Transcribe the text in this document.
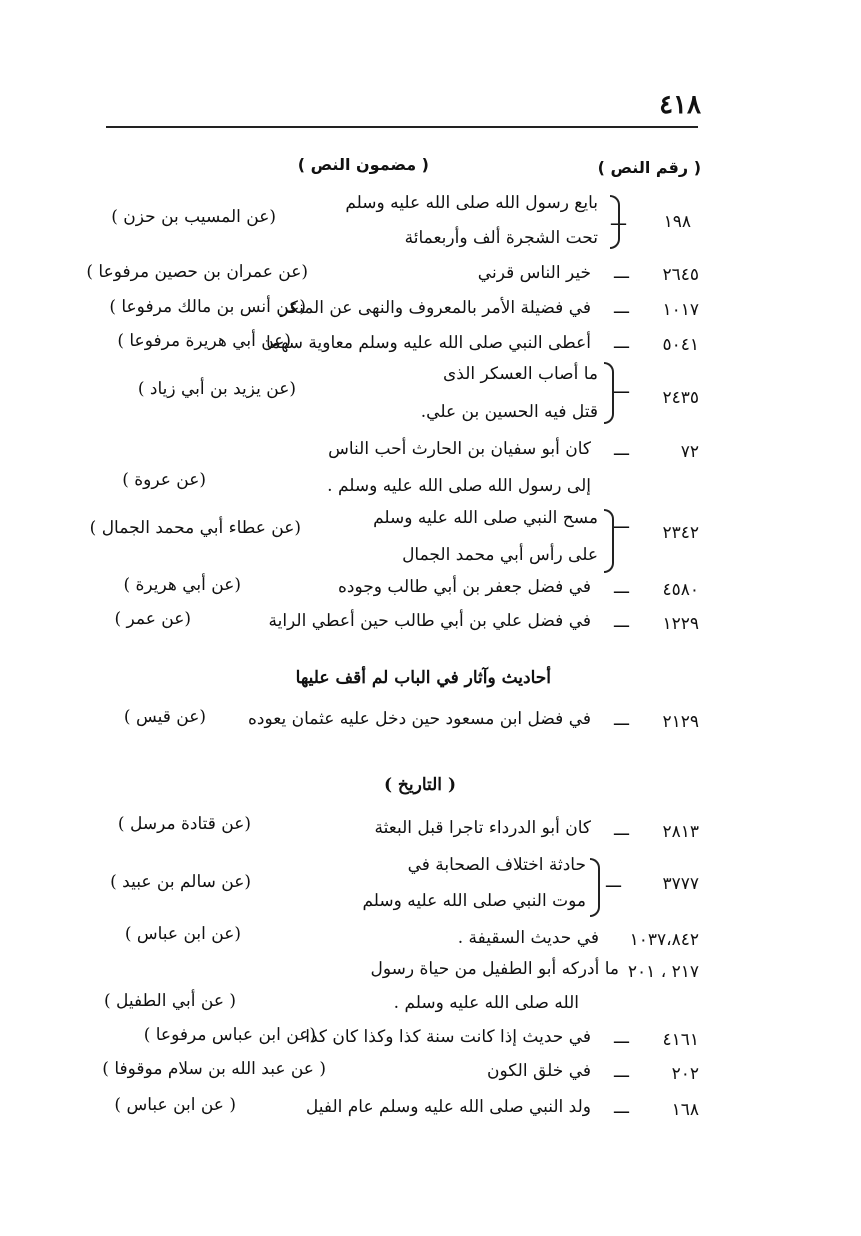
٤١٨
( رقم النص )
( مضمون النص )
١٩٨
ـــ
بايع رسول الله صلى الله عليه وسلم
تحت الشجرة ألف وأربعمائة
(عن المسيب بن حزن )
٢٦٤٥
ـــ
خير الناس قرني
(عن عمران بن حصين مرفوعا )
١٠١٧
ـــ
في فضيلة الأمر بالمعروف والنهى عن المنكر
(عن أنس بن مالك مرفوعا )
٥٠٤١
ـــ
أعطى النبي صلى الله عليه وسلم معاوية سهما
(عن أبي هريرة مرفوعا )
٢٤٣٥
ـــ
ما أصاب العسكر الذى
قتل فيه الحسين بن علي.
(عن يزيد بن أبي زياد )
٧٢
ـــ
كان أبو سفيان بن الحارث أحب الناس
إلى رسول الله صلى الله عليه وسلم .
(عن عروة )
٢٣٤٢
ـــ
مسح النبي صلى الله عليه وسلم
على رأس أبي محمد الجمال
(عن عطاء أبي محمد الجمال )
٤٥٨٠
ـــ
في فضل جعفر بن أبي طالب وجوده
(عن أبي هريرة )
١٢٢٩
ـــ
في فضل علي بن أبي طالب حين أعطي الراية
(عن عمر )
أحاديث وآثار في الباب لم أقف عليها
٢١٢٩
ـــ
في فضل ابن مسعود حين دخل عليه عثمان يعوده
(عن قيس )
( التاريخ )
٢٨١٣
ـــ
كان أبو الدرداء تاجرا قبل البعثة
(عن قتادة مرسل )
٣٧٧٧
ـــ
حادثة اختلاف الصحابة في
موت النبي صلى الله عليه وسلم
(عن سالم بن عبيد )
١٠٣٧،٨٤٢
في حديث السقيفة .
(عن ابن عباس )
٢١٧ ، ٢٠١
ما أدركه أبو الطفيل من حياة رسول
الله صلى الله عليه وسلم .
( عن أبي الطفيل )
٤١٦١
ـــ
في حديث إذا كانت سنة كذا وكذا كان كذا
(عن ابن عباس مرفوعا )
٢٠٢
ـــ
في خلق الكون
( عن عبد الله بن سلام موقوفا )
١٦٨
ـــ
ولد النبي صلى الله عليه وسلم عام الفيل
( عن ابن عباس )
